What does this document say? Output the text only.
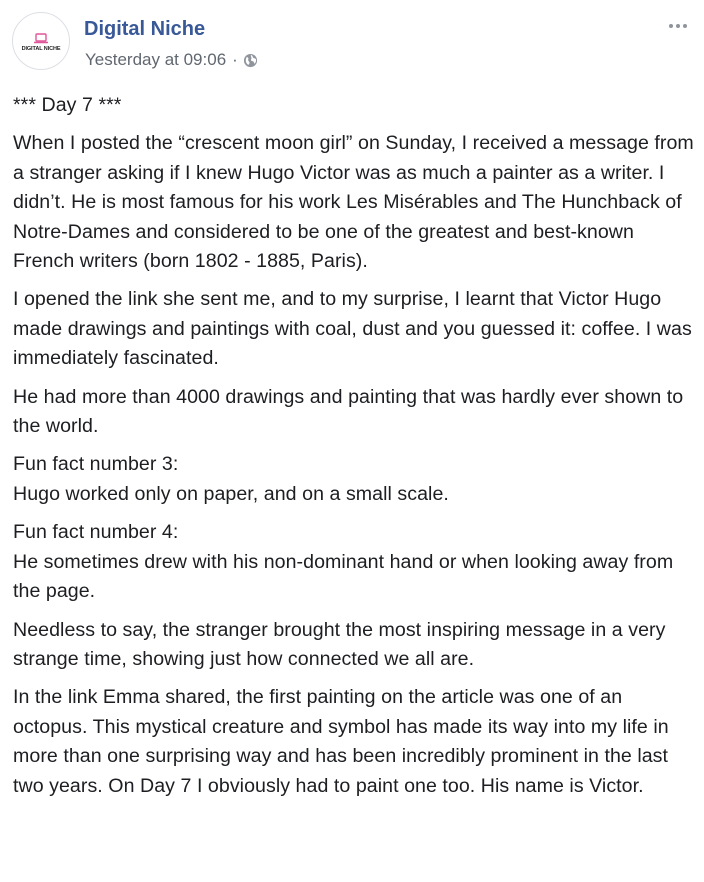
DIGITAL NICHE
Digital Niche
Yesterday at 09:06 ·

*** Day 7 ***

When I posted the “crescent moon girl” on Sunday, I received a message from a stranger asking if I knew Hugo Victor was as much a painter as a writer. I didn’t. He is most famous for his work Les Misérables and The Hunchback of Notre-Dames and considered to be one of the greatest and best-known French writers (born 1802 - 1885, Paris).

I opened the link she sent me, and to my surprise, I learnt that Victor Hugo made drawings and paintings with coal, dust and you guessed it: coffee. I was immediately fascinated.

He had more than 4000 drawings and painting that was hardly ever shown to the world.

Fun fact number 3:
Hugo worked only on paper, and on a small scale.

Fun fact number 4:
He sometimes drew with his non-dominant hand or when looking away from the page.

Needless to say, the stranger brought the most inspiring message in a very strange time, showing just how connected we all are.

In the link Emma shared, the first painting on the article was one of an octopus. This mystical creature and symbol has made its way into my life in more than one surprising way and has been incredibly prominent in the last two years. On Day 7 I obviously had to paint one too. His name is Victor.
